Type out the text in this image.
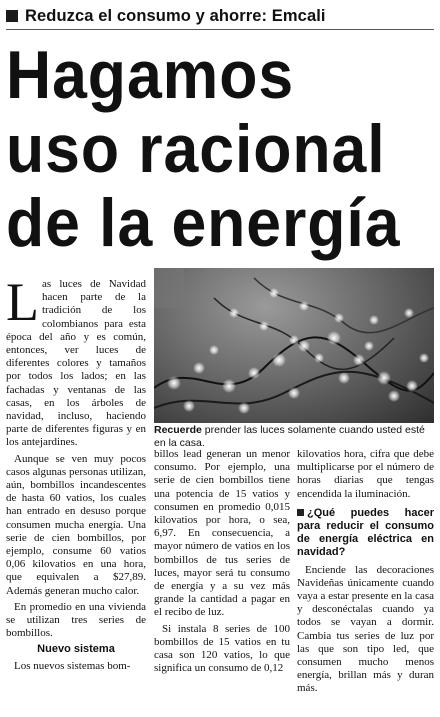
Reduzca el consumo y ahorre: Emcali
Hagamos
uso racional
de la energía
Recuerde prender las luces solamente cuando usted esté en la casa.

Las luces de Navidad hacen parte de la tradición de los colombianos para esta época del año y es común, entonces, ver luces de diferentes colores y tamaños por todos los lados; en las fachadas y ventanas de las casas, en los árboles de navidad, incluso, haciendo parte de diferentes figuras y en los antejardines.

Aunque se ven muy pocos casos algunas personas utilizan, aún, bombillos incandescentes de hasta 60 vatios, los cuales han entrado en desuso porque consumen mucha energía. Una serie de cien bombillos, por ejemplo, consume 60 vatios 0,06 kilovatios en una hora, que equivalen a $27,89. Además generan mucho calor.

En promedio en una vivienda se utilizan tres series de bombillos.

Nuevo sistema

Los nuevos sistemas bom-

billos lead generan un menor consumo. Por ejemplo, una serie de cien bombillos tiene una potencia de 15 vatios y consumen en promedio 0,015 kilovatios por hora, o sea, 6,97. En consecuencia, a mayor número de vatios en los bombillos de tus series de luces, mayor será tu consumo de energía y a su vez más grande la cantidad a pagar en el recibo de luz.

Si instala 8 series de 100 bombillos de 15 vatios en tu casa son 120 vatios, lo que significa un consumo de 0,12

kilovatios hora, cifra que debe multiplicarse por el número de horas diarias que tengas encendida la iluminación.

¿Qué puedes hacer para reducir el consumo de energía eléctrica en navidad?

Enciende las decoraciones Navideñas únicamente cuando vaya a estar presente en la casa y desconéctalas cuando ya todos se vayan a dormir. Cambia tus series de luz por las que son tipo led, que consumen mucho menos energía, brillan más y duran más.
